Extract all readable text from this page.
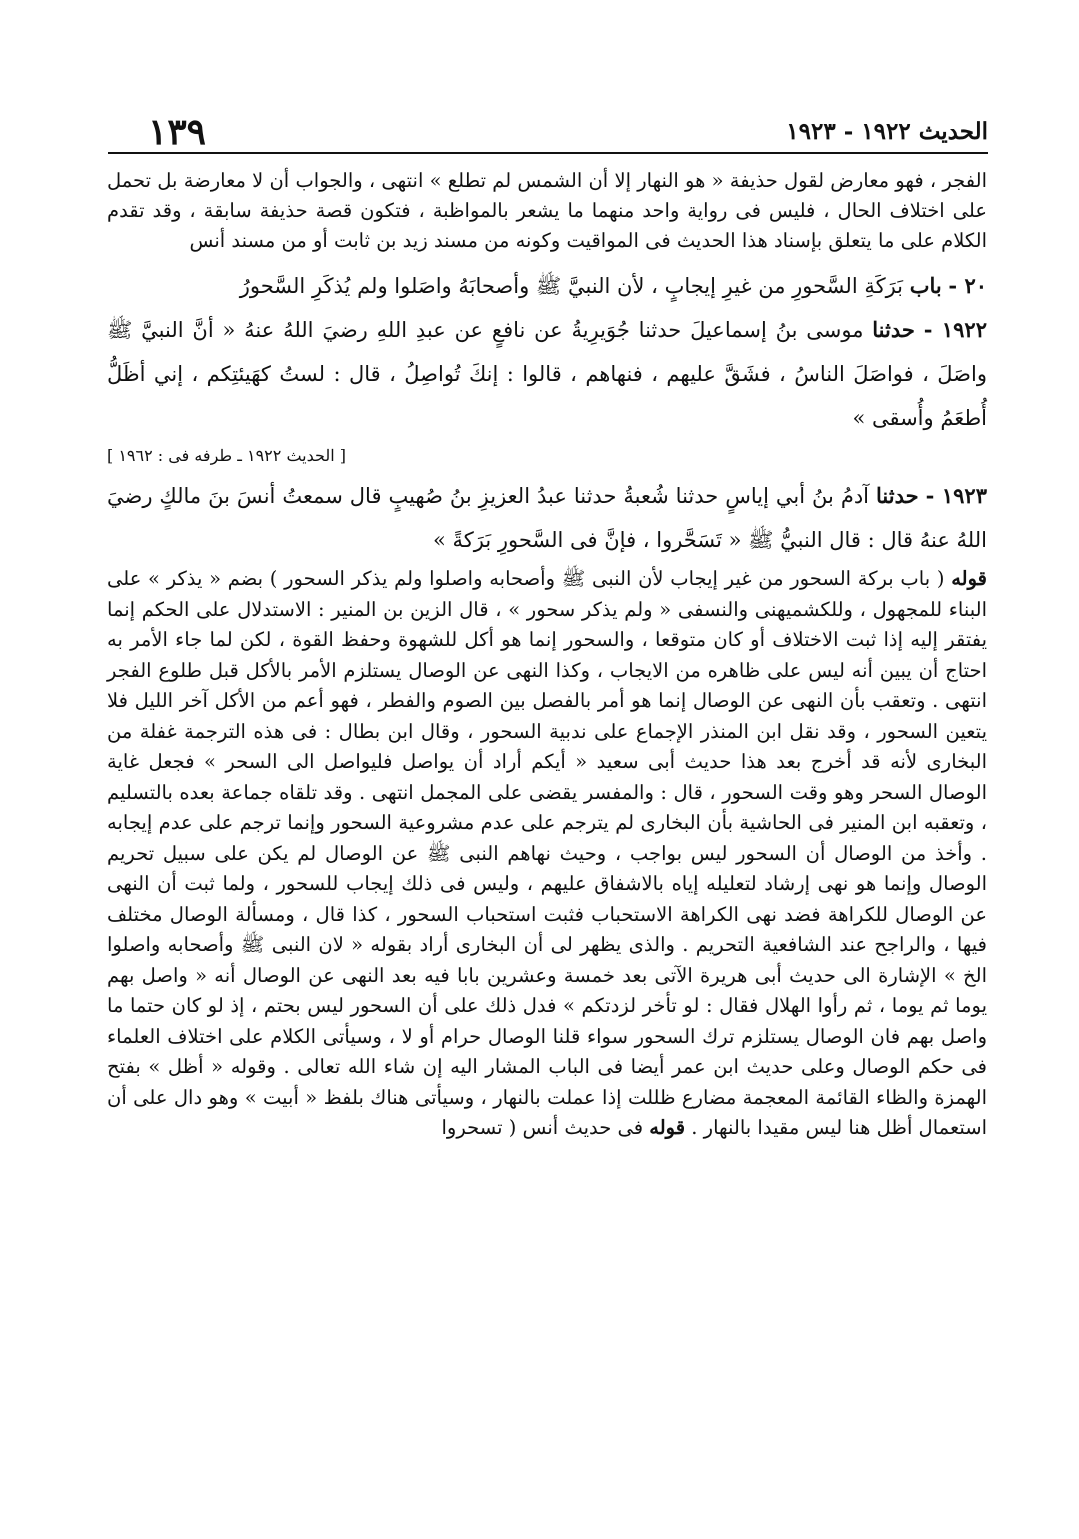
الحديث ١٩٢٢ - ١٩٢٣
١٣٩

الفجر ، فهو معارض لقول حذيفة « هو النهار إلا أن الشمس لم تطلع » انتهى ، والجواب أن لا معارضة بل تحمل على اختلاف الحال ، فليس فى رواية واحد منهما ما يشعر بالمواظبة ، فتكون قصة حذيفة سابقة ، وقد تقدم الكلام على ما يتعلق بإسناد هذا الحديث فى المواقيت وكونه من مسند زيد بن ثابت أو من مسند أنس

٢٠ - باب بَرَكَةِ السَّحورِ من غيرِ إيجابٍ ، لأن النبيَّ ﷺ وأصحابَهُ واصَلوا ولم يُذكَرِ السَّحورُ

١٩٢٢ - حدثنا موسى بنُ إسماعيلَ حدثنا جُوَيرِيةُ عن نافعٍ عن عبدِ اللهِ رضيَ اللهُ عنهُ « أنَّ النبيَّ ﷺ واصَلَ ، فواصَلَ الناسُ ، فشَقَّ عليهم ، فنهاهم ، قالوا : إنكَ تُواصِلُ ، قال : لستُ كهَيئتِكم ، إني أظَلُّ أُطعَمُ وأُسقى »

[ الحديث ١٩٢٢ ـ طرفه فى : ١٩٦٢ ]

١٩٢٣ - حدثنا آدمُ بنُ أبي إياسٍ حدثنا شُعبةُ حدثنا عبدُ العزيزِ بنُ صُهيبٍ قال سمعتُ أنسَ بنَ مالكٍ رضيَ اللهُ عنهُ قال : قال النبيُّ ﷺ « تَسَحَّروا ، فإنَّ فى السَّحورِ بَرَكةً »

قوله ( باب بركة السحور من غير إيجاب لأن النبى ﷺ وأصحابه واصلوا ولم يذكر السحور ) بضم « يذكر » على البناء للمجهول ، وللكشميهنى والنسفى « ولم يذكر سحور » ، قال الزين بن المنير : الاستدلال على الحكم إنما يفتقر إليه إذا ثبت الاختلاف أو كان متوقعا ، والسحور إنما هو أكل للشهوة وحفظ القوة ، لكن لما جاء الأمر به احتاج أن يبين أنه ليس على ظاهره من الايجاب ، وكذا النهى عن الوصال يستلزم الأمر بالأكل قبل طلوع الفجر انتهى . وتعقب بأن النهى عن الوصال إنما هو أمر بالفصل بين الصوم والفطر ، فهو أعم من الأكل آخر الليل فلا يتعين السحور ، وقد نقل ابن المنذر الإجماع على ندبية السحور ، وقال ابن بطال : فى هذه الترجمة غفلة من البخارى لأنه قد أخرج بعد هذا حديث أبى سعيد « أيكم أراد أن يواصل فليواصل الى السحر » فجعل غاية الوصال السحر وهو وقت السحور ، قال : والمفسر يقضى على المجمل انتهى . وقد تلقاه جماعة بعده بالتسليم ، وتعقبه ابن المنير فى الحاشية بأن البخارى لم يترجم على عدم مشروعية السحور وإنما ترجم على عدم إيجابه . وأخذ من الوصال أن السحور ليس بواجب ، وحيث نهاهم النبى ﷺ عن الوصال لم يكن على سبيل تحريم الوصال وإنما هو نهى إرشاد لتعليله إياه بالاشفاق عليهم ، وليس فى ذلك إيجاب للسحور ، ولما ثبت أن النهى عن الوصال للكراهة فضد نهى الكراهة الاستحباب فثبت استحباب السحور ، كذا قال ، ومسألة الوصال مختلف فيها ، والراجح عند الشافعية التحريم . والذى يظهر لى أن البخارى أراد بقوله « لان النبى ﷺ وأصحابه واصلوا الخ » الإشارة الى حديث أبى هريرة الآتى بعد خمسة وعشرين بابا فيه بعد النهى عن الوصال أنه « واصل بهم يوما ثم يوما ، ثم رأوا الهلال فقال : لو تأخر لزدتكم » فدل ذلك على أن السحور ليس بحتم ، إذ لو كان حتما ما واصل بهم فان الوصال يستلزم ترك السحور سواء قلنا الوصال حرام أو لا ، وسيأتى الكلام على اختلاف العلماء فى حكم الوصال وعلى حديث ابن عمر أيضا فى الباب المشار اليه إن شاء الله تعالى . وقوله « أظل » بفتح الهمزة والظاء القائمة المعجمة مضارع ظللت إذا عملت بالنهار ، وسيأتى هناك بلفظ « أبيت » وهو دال على أن استعمال أظل هنا ليس مقيدا بالنهار . قوله فى حديث أنس ( تسحروا
